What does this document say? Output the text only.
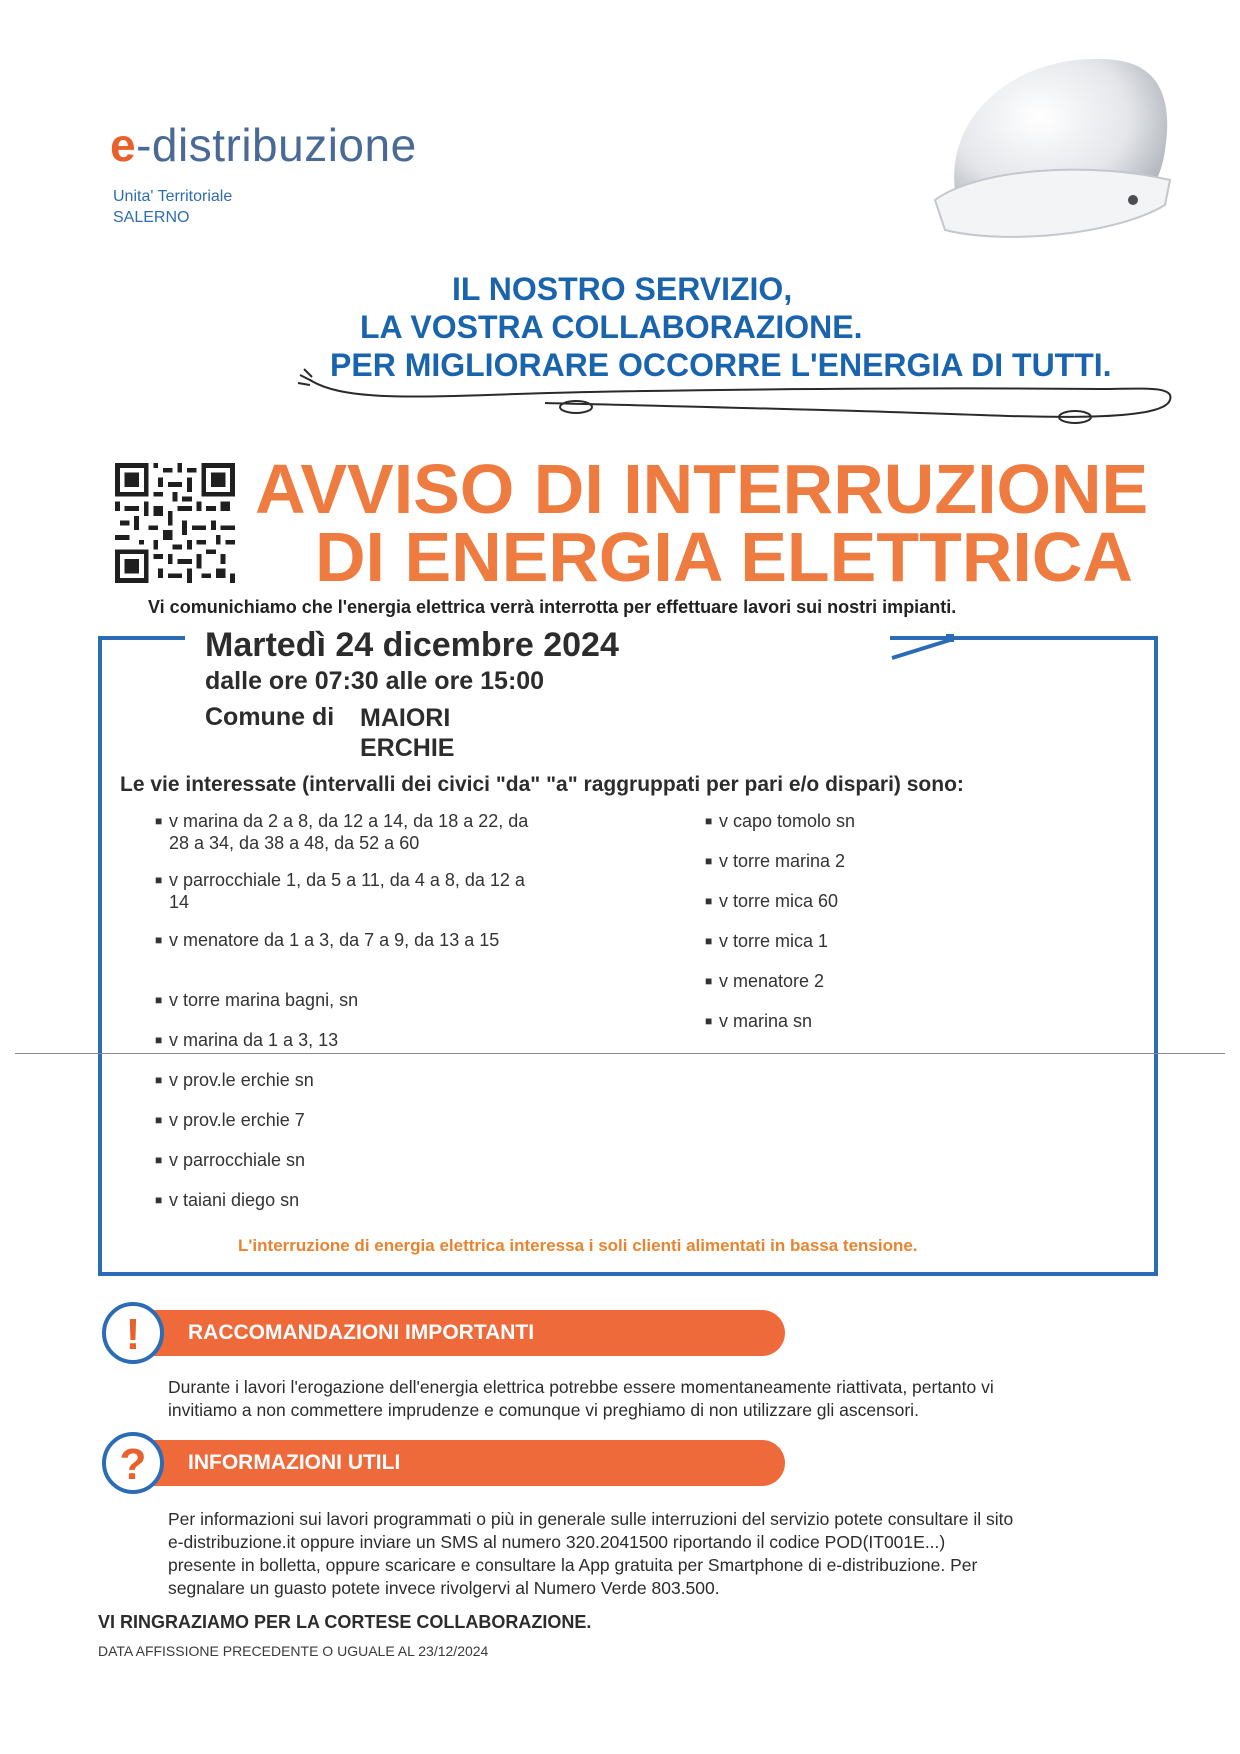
e-distribuzione
Unita' Territoriale
SALERNO
IL NOSTRO SERVIZIO,
LA VOSTRA COLLABORAZIONE.
PER MIGLIORARE OCCORRE L'ENERGIA DI TUTTI.
AVVISO DI INTERRUZIONE
DI ENERGIA ELETTRICA
Vi comunichiamo che l'energia elettrica verrà interrotta per effettuare lavori sui nostri impianti.
Martedì 24 dicembre 2024
dalle ore 07:30 alle ore 15:00
Comune di MAIORI
ERCHIE
Le vie interessate (intervalli dei civici "da" "a" raggruppati per pari e/o dispari) sono:
■ v marina da 2 a 8, da 12 a 14, da 18 a 22, da
28 a 34, da 38 a 48, da 52 a 60
■ v parrocchiale 1, da 5 a 11, da 4 a 8, da 12 a
14
■ v menatore da 1 a 3, da 7 a 9, da 13 a 15
■ v torre marina bagni, sn
■ v marina da 1 a 3, 13
■ v prov.le erchie sn
■ v prov.le erchie 7
■ v parrocchiale sn
■ v taiani diego sn
■ v capo tomolo sn
■ v torre marina 2
■ v torre mica 60
■ v torre mica 1
■ v menatore 2
■ v marina sn
L'interruzione di energia elettrica interessa i soli clienti alimentati in bassa tensione.
RACCOMANDAZIONI IMPORTANTI
!
Durante i lavori l'erogazione dell'energia elettrica potrebbe essere momentaneamente riattivata, pertanto vi
invitiamo a non commettere imprudenze e comunque vi preghiamo di non utilizzare gli ascensori.
INFORMAZIONI UTILI
?
Per informazioni sui lavori programmati o più in generale sulle interruzioni del servizio potete consultare il sito
e-distribuzione.it oppure inviare un SMS al numero 320.2041500 riportando il codice POD(IT001E...)
presente in bolletta, oppure scaricare e consultare la App gratuita per Smartphone di e-distribuzione. Per
segnalare un guasto potete invece rivolgervi al Numero Verde 803.500.
VI RINGRAZIAMO PER LA CORTESE COLLABORAZIONE.
DATA AFFISSIONE PRECEDENTE O UGUALE AL 23/12/2024
